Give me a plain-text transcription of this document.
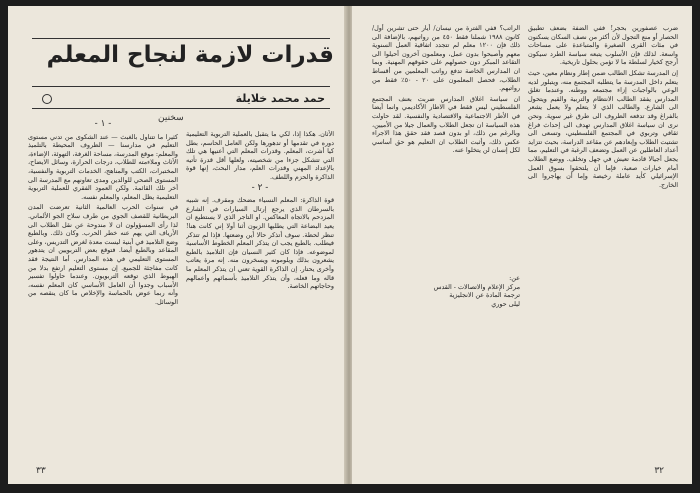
قدرات لازمة لنجاح المعلم
حمد محمد خلايلة
سخنين

الأثان. هكذا إذا، لكي ما يتقبل بالعملية التربوية التعليمية دوره في تقدمها أو تدهورها ولكن العامل الحاسم، بطل كيا أشرت، المعلم. وقدرات المعلم التي أعنيها هي تلك التي تتشكل جزءا من شخصيته، ولعلها أقل قدرة تأتيه بالإعداد المهني وقدرات العلم، مدار البحث، إنها قوة الذاكرة والحزم واللطف.

- ٢ -

قوة الذاكرة: المعلم النسياء مضحك ومقرف. إنه شبيه بالسرطان الذي يرجع إرتال السيارات في الشارع المزدحم بالاتجاه المعاكس. او التاجر الذي لا يستطيع ان يعيد البضاعة التي يطلبها الزبون أثنا أولا إني كانت هنا! تنظر لحظة. سوف أتذكر حالا أين وضعتها. فإذا لم تتذكر فيطلب. بالطبع يجب ان يتذكر المعلم الخطوط الأساسية لموضوعه. فإذا كان كثير النسيان فإن التلاميذ بالطبع يشعرون بذلك ويلومونه ويسخرون منه. إنه مرة يعاتب وأخرى يحتار. إن الذاكرة القوية تعني ان يتذكر المعلم ما قاله وما فعله، وأن يتذكر التلاميذ بأسمائهم وأعمالهم وحاجاتهم الخاصة.

- ١ -

كثيرا ما تتناول بالغبث — عند الشكوى من تدني مستوى التعليم في مدارسنا — الظروف المحيطة بالتلميذ والمعلم: موقع المدرسة، مساحة الغرفة، التهوئة، الإضاءة، الأثاث وملاءمته للطلاب، درجات الحرارة، وسائل الايضاح، المختبرات، الكتب والمناهج، الخدمات التربوية والنفسية، المستوى الصحي للوالدين ومدى تعاونهم مع المدرسة الى أخر تلك القائمة. ولكن العمود الفقري للعملية التربوية التعليمية يظل المعلم، والمعلم نفسه.

في سنوات الحرب العالمية الثانية تعرضت المدن البريطانية للقصف الجوي من طرف سلاح الجو الألماني. لذا رأى المسؤولون ان لا مندوحة عن نقل الطلاب الى الأرياف التي يهم عنه خطر الحرب. وكان ذلك. وبالطبع وضع التلاميذ في أبنية ليست معدة لغرض التدريس، وعلى المقاعد وبالطبع أيضا. فتوقع بعض التربويين ان يتدهور المستوى التعليمي في هذه المدارس. أما النتيجة فقد كانت مفاجئة للجميع. إن مستوى التعليم ارتفع بدلا من الهبوط الذي توقعه التربويون. وعندما حاولوا تفسير الأسباب وجدوا أن العامل الأساسي كان المعلم نفسه، وأنه ربما عوض بالحماسة والإخلاص ما كان ينقصه من الوسائل.

٣٣

ضرب عصفورين بحجر! ففي الضفة بضعف تطبيق الحصار أو منع التجول لأن أكثر من نصف السكان يسكنون في مئات القرى الصغيرة والمتباعدة على مساحات واسعة. لذلك فإن الأسلوب يتبعه سياسة الطرد سيكون أرجح كخيار لسلطة ما لا تؤمن بحلول تاريخية.

إن المدرسة تشكل الطالب ضمن إطار ونظام معين، حيث يتعلم داخل المدرسة ما يتطلبه المجتمع منه، ويتبلور لديه الوعي بالواجبات إزاء مجتمعه ووطنه. وعندما تغلق المدارس يفقد الطالب الانتظام والتربية والقيم ويتحول الى الشارع. والطالب الذي لا يتعلم ولا يعمل يشعر بالفراغ وقد تدفعه الظروف الى طرق غير سوية. ونحن نرى ان سياسة اغلاق المدارس تهدف الى إحداث فراغ ثقافي وتربوي في المجتمع الفلسطيني، وتسعى الى تشتيت الطلاب وإبعادهم عن مقاعد الدراسة، بحيث تتزايد أعداد العاطلين عن العمل وتضعف الرغبة في التعليم، مما يجعل أجيالا قادمة تعيش في جهل وتخلف. ووضع الطلاب أمام خيارات صعبة، فإما أن يلتحقوا بسوق العمل الإسرائيلي كأيد عاملة رخيصة وإما أن يهاجروا الى الخارج.

الراتب؟ ففي الفترة من نيسان/ أيار حتى تشرين أول/ كانون ١٩٨٨ شملنا فقط ٤٥٠ من رواتبهم، بالإضافة الى ذلك فإن ١٢٠٠ معلم لم تتجدد اتفاقية العمل السنوية معهم وأصبحوا بدون عمل، ومعلمون آخرون أحيلوا الى التقاعد المبكر دون حصولهم على حقوقهم المهنية. وبما ان المدارس الخاصة تدفع رواتب المعلمين من أقساط الطلاب، فحصل المعلمون على ٢٠ - ٥٠٪ فقط من رواتبهم.

ان سياسة اغلاق المدارس ضربت بعنف المجتمع الفلسطيني ليس فقط في الاطار الأكاديمي وانما أيضا في الأطر الاجتماعية والاقتصادية والنفسية. لقد حاولت هذه السياسة ان تجعل الطلاب والعمال جيلا من الأميين، وبالرغم من ذلك، او بدون قصد فقد حقق هذا الاجراء عكس ذلك، وأثبت الطلاب ان التعليم هو حق أساسي لكل إنسان لن يتخلوا عنه.

عن:
مركز الإعلام والاتصالات - القدس
ترجمة المادة عن الانجليزية
ليلى حوري
٣٢
